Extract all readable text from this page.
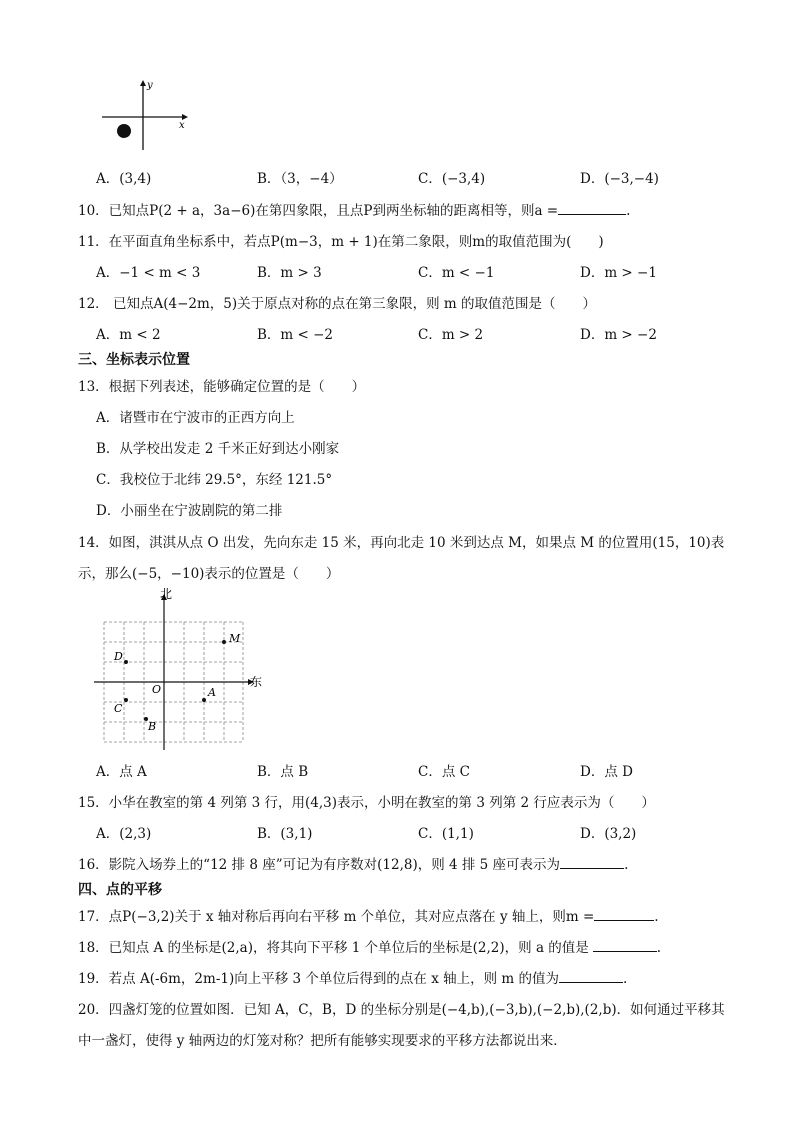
y
x
A．(3,4)	B．（3，−4）	C．(−3,4)	D．(−3,−4)
10．已知点P(2 + a，3a−6)在第四象限，且点P到两坐标轴的距离相等，则a =	.
11．在平面直角坐标系中，若点P(m−3，m + 1)在第二象限，则m的取值范围为(　　)
A．−1 < m < 3	B．m > 3	C．m < −1	D．m > −1
12． 已知点A(4−2m，5)关于原点对称的点在第三象限，则 m 的取值范围是（　　）
A．m < 2	B．m < −2	C．m > 2	D．m > −2
三、坐标表示位置
13．根据下列表述，能够确定位置的是（　　）
A．诸暨市在宁波市的正西方向上
B．从学校出发走 2 千米正好到达小刚家
C．我校位于北纬 29.5°，东经 121.5°
D．小丽坐在宁波剧院的第二排
14．如图，淇淇从点 O 出发，先向东走 15 米，再向北走 10 米到达点 M，如果点 M 的位置用(15，10)表
示，那么(−5，−10)表示的位置是（　　）
北
东
O
M
D
C
A
B
A．点 A	B．点 B	C．点 C	D．点 D
15．小华在教室的第 4 列第 3 行，用(4,3)表示，小明在教室的第 3 列第 2 行应表示为（　　）
A．(2,3)	B．(3,1)	C．(1,1)	D．(3,2)
16．影院入场券上的“12 排 8 座”可记为有序数对(12,8)，则 4 排 5 座可表示为	.
四、点的平移
17．点P(−3,2)关于 x 轴对称后再向右平移 m 个单位，其对应点落在 y 轴上，则m =	.
18．已知点 A 的坐标是(2,a)，将其向下平移 1 个单位后的坐标是(2,2)，则 a 的值是	.
19．若点 A(-6m，2m-1)向上平移 3 个单位后得到的点在 x 轴上，则 m 的值为	.
20．四盏灯笼的位置如图．已知 A，C，B，D 的坐标分别是(−4,b),(−3,b),(−2,b),(2,b)．如何通过平移其
中一盏灯，使得 y 轴两边的灯笼对称？把所有能够实现要求的平移方法都说出来．
